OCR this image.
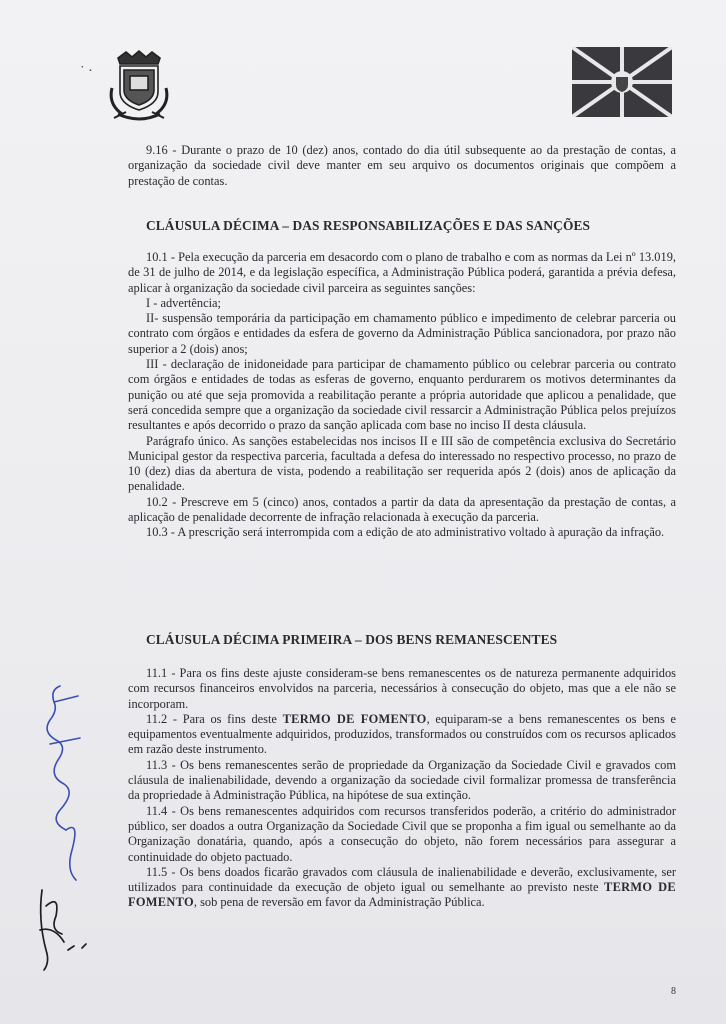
˙ ·

9.16 - Durante o prazo de 10 (dez) anos, contado do dia útil subsequente ao da prestação de contas, a organização da sociedade civil deve manter em seu arquivo os documentos originais que compõem a prestação de contas.

CLÁUSULA DÉCIMA – DAS RESPONSABILIZAÇÕES E DAS SANÇÕES

10.1 - Pela execução da parceria em desacordo com o plano de trabalho e com as normas da Lei nº 13.019, de 31 de julho de 2014, e da legislação específica, a Administração Pública poderá, garantida a prévia defesa, aplicar à organização da sociedade civil parceira as seguintes sanções:

I - advertência;

II- suspensão temporária da participação em chamamento público e impedimento de celebrar parceria ou contrato com órgãos e entidades da esfera de governo da Administração Pública sancionadora, por prazo não superior a 2 (dois) anos;

III - declaração de inidoneidade para participar de chamamento público ou celebrar parceria ou contrato com órgãos e entidades de todas as esferas de governo, enquanto perdurarem os motivos determinantes da punição ou até que seja promovida a reabilitação perante a própria autoridade que aplicou a penalidade, que será concedida sempre que a organização da sociedade civil ressarcir a Administração Pública pelos prejuízos resultantes e após decorrido o prazo da sanção aplicada com base no inciso II desta cláusula.

Parágrafo único. As sanções estabelecidas nos incisos II e III são de competência exclusiva do Secretário Municipal gestor da respectiva parceria, facultada a defesa do interessado no respectivo processo, no prazo de 10 (dez) dias da abertura de vista, podendo a reabilitação ser requerida após 2 (dois) anos de aplicação da penalidade.

10.2 - Prescreve em 5 (cinco) anos, contados a partir da data da apresentação da prestação de contas, a aplicação de penalidade decorrente de infração relacionada à execução da parceria.

10.3 - A prescrição será interrompida com a edição de ato administrativo voltado à apuração da infração.

CLÁUSULA DÉCIMA PRIMEIRA – DOS BENS REMANESCENTES

11.1 - Para os fins deste ajuste consideram-se bens remanescentes os de natureza permanente adquiridos com recursos financeiros envolvidos na parceria, necessários à consecução do objeto, mas que a ele não se incorporam.

11.2 - Para os fins deste TERMO DE FOMENTO, equiparam-se a bens remanescentes os bens e equipamentos eventualmente adquiridos, produzidos, transformados ou construídos com os recursos aplicados em razão deste instrumento.

11.3 - Os bens remanescentes serão de propriedade da Organização da Sociedade Civil e gravados com cláusula de inalienabilidade, devendo a organização da sociedade civil formalizar promessa de transferência da propriedade à Administração Pública, na hipótese de sua extinção.

11.4 - Os bens remanescentes adquiridos com recursos transferidos poderão, a critério do administrador público, ser doados a outra Organização da Sociedade Civil que se proponha a fim igual ou semelhante ao da Organização donatária, quando, após a consecução do objeto, não forem necessários para assegurar a continuidade do objeto pactuado.

11.5 - Os bens doados ficarão gravados com cláusula de inalienabilidade e deverão, exclusivamente, ser utilizados para continuidade da execução de objeto igual ou semelhante ao previsto neste TERMO DE FOMENTO, sob pena de reversão em favor da Administração Pública.

8
